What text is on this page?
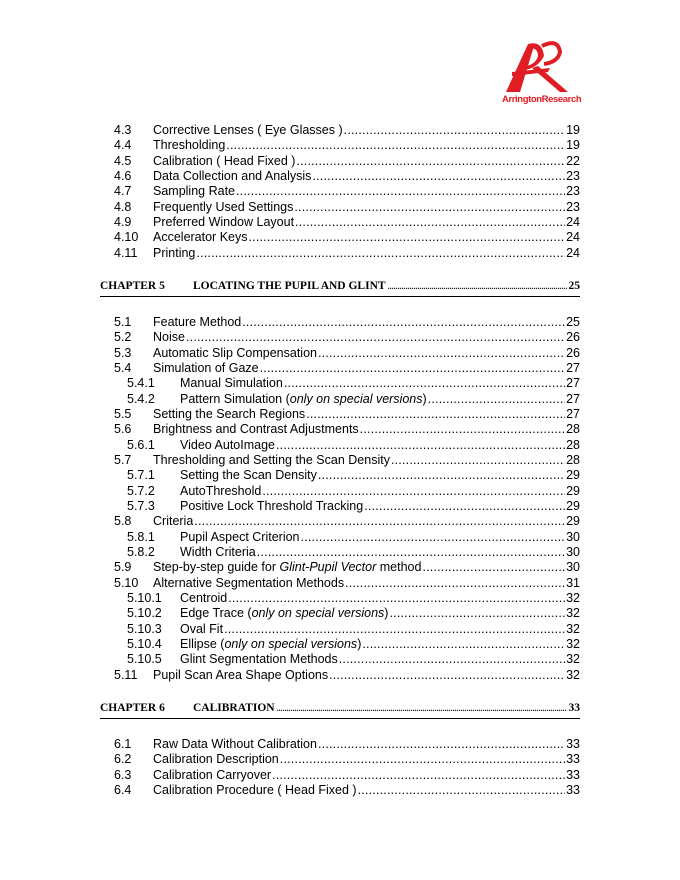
ArringtonResearch
4.3 Corrective Lenses ( Eye Glasses ) .....	19
4.4 Thresholding .....	19
4.5 Calibration ( Head Fixed ) .....	22
4.6 Data Collection and Analysis .....	23
4.7 Sampling Rate .....	23
4.8 Frequently Used Settings .....	23
4.9 Preferred Window Layout .....	24
4.10 Accelerator Keys .....	24
4.11 Printing .....	24
CHAPTER 5	LOCATING THE PUPIL AND GLINT .....	25
5.1 Feature Method .....	25
5.2 Noise .....	26
5.3 Automatic Slip Compensation .....	26
5.4 Simulation of Gaze .....	27
5.4.1 Manual Simulation .....	27
5.4.2 Pattern Simulation (only on special versions) .....	27
5.5 Setting the Search Regions .....	27
5.6 Brightness and Contrast Adjustments .....	28
5.6.1 Video AutoImage .....	28
5.7 Thresholding and Setting the Scan Density .....	28
5.7.1 Setting the Scan Density .....	29
5.7.2 AutoThreshold .....	29
5.7.3 Positive Lock Threshold Tracking .....	29
5.8 Criteria .....	29
5.8.1 Pupil Aspect Criterion .....	30
5.8.2 Width Criteria .....	30
5.9 Step-by-step guide for Glint-Pupil Vector method .....	30
5.10 Alternative Segmentation Methods .....	31
5.10.1 Centroid .....	32
5.10.2 Edge Trace (only on special versions) .....	32
5.10.3 Oval Fit .....	32
5.10.4 Ellipse (only on special versions) .....	32
5.10.5 Glint Segmentation Methods .....	32
5.11 Pupil Scan Area Shape Options .....	32
CHAPTER 6	CALIBRATION .....	33
6.1 Raw Data Without Calibration .....	33
6.2 Calibration Description .....	33
6.3 Calibration Carryover .....	33
6.4 Calibration Procedure ( Head Fixed ) .....	33
